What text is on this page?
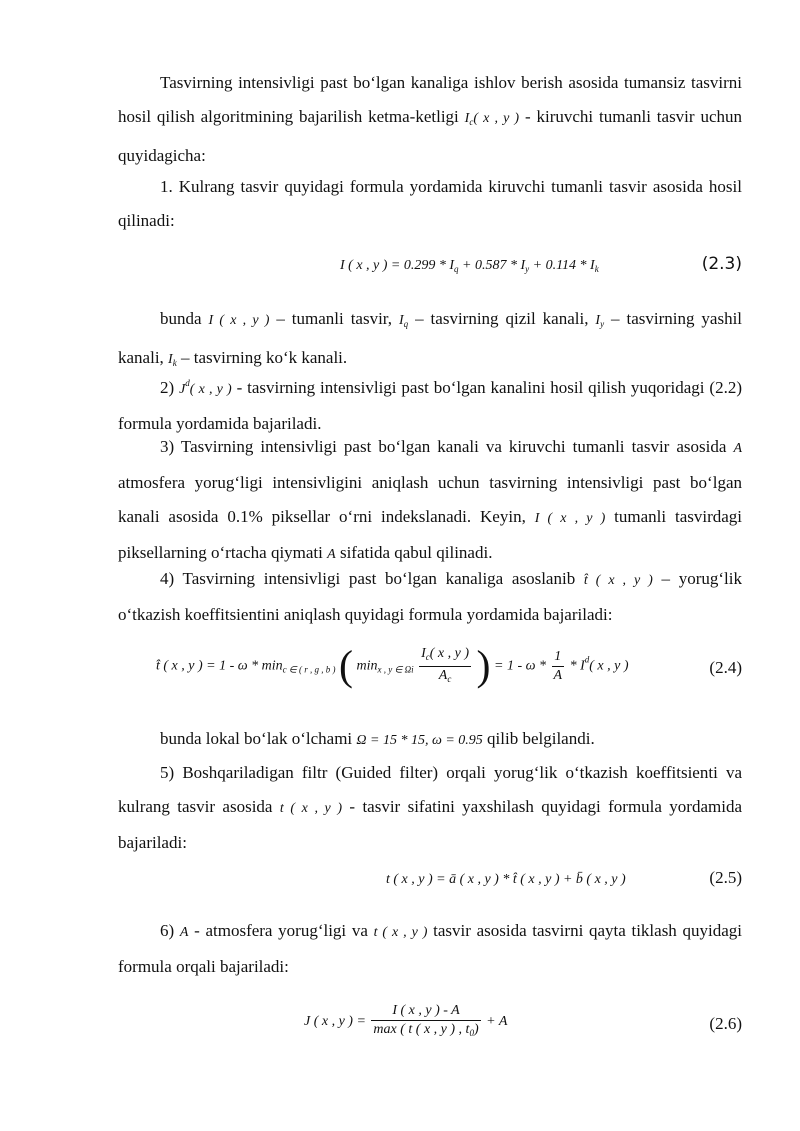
Tasvirning intensivligi past bo‘lgan kanaliga ishlov berish asosida tumansiz tasvirni hosil qilish algoritmining bajarilish ketma-ketligi $I_c$( x , y ) - kiruvchi tumanli tasvir uchun quyidagicha:

1. Kulrang tasvir quyidagi formula yordamida kiruvchi tumanli tasvir asosida hosil qilinadi:

I ( x , y ) = $0.299 * I_q + 0.587 * I_y + 0.114 * I_k$	(2.3)

bunda I ( x , y ) – tumanli tasvir, $I_q$ – tasvirning qizil kanali, $I_y$ – tasvirning yashil kanali, $I_k$ – tasvirning ko‘k kanali.

2) $J^d$( x , y ) - tasvirning intensivligi past bo‘lgan kanalini hosil qilish yuqoridagi (2.2) formula yordamida bajariladi.

3) Tasvirning intensivligi past bo‘lgan kanali va kiruvchi tumanli tasvir asosida A atmosfera yorug‘ligi intensivligini aniqlash uchun tasvirning intensivligi past bo‘lgan kanali asosida 0.1% piksellar o‘rni indekslanadi. Keyin, I ( x , y ) tumanli tasvirdagi piksellarning o‘rtacha qiymati A sifatida qabul qilinadi.

4) Tasvirning intensivligi past bo‘lgan kanaliga asoslanib t̂ ( x , y ) – yorug‘lik o‘tkazish koeffitsientini aniqlash quyidagi formula yordamida bajariladi:

t̂ ( x , y ) = 1 - ω * $\min_{c \in ( r , g , b )}$ ( $\min_{x , y \in \Omega i} \frac{I_c( x , y )}{A_c}$ ) = 1 - ω * $\frac{1}{A} * I^d$( x , y )	(2.4)

bunda lokal bo‘lak o‘lchami Ω = 15 * 15, ω = 0.95 qilib belgilandi.

5) Boshqariladigan filtr (Guided filter) orqali yorug‘lik o‘tkazish koeffitsienti va kulrang tasvir asosida t ( x , y ) - tasvir sifatini yaxshilash quyidagi formula yordamida bajariladi:

t ( x , y ) = ā ( x , y ) * t̂ ( x , y ) + b̄ ( x , y )	(2.5)

6) A - atmosfera yorug‘ligi va t ( x , y ) tasvir asosida tasvirni qayta tiklash quyidagi formula orqali bajariladi:

J ( x , y ) = $\frac{I ( x , y ) - A}{\max ( t ( x , y ) , t_0)} + A$	(2.6)
